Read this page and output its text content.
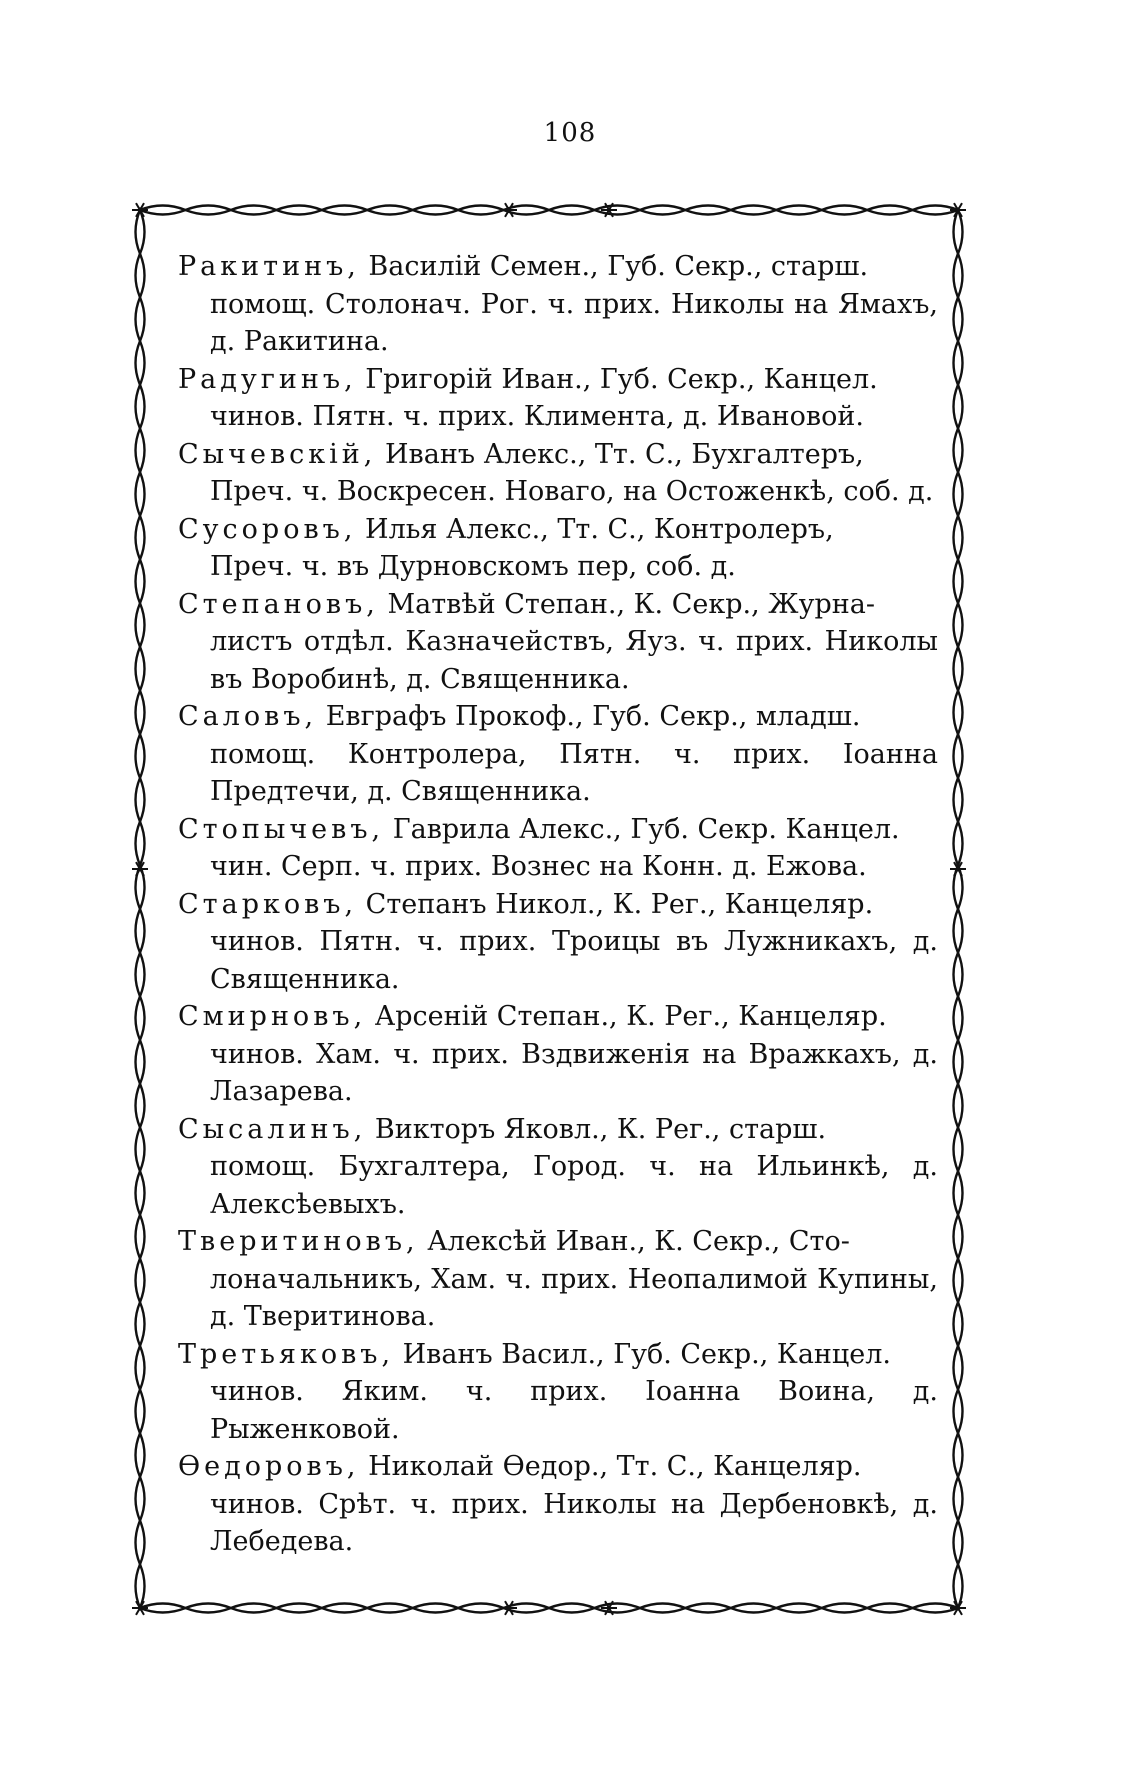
108
Ракитинъ, Василій Семен., Губ. Секр., старш.
помощ. Столонач. Рог. ч. прих. Николы на Ямахъ, д. Ракитина.
Радугинъ, Григорій Иван., Губ. Секр., Канцел.
чинов. Пятн. ч. прих. Климента, д. Ивановой.
Сычевскій, Иванъ Алекс., Тт. С., Бухгалтеръ,
Преч. ч. Воскресен. Новаго, на Остоженкѣ, соб. д.
Сусоровъ, Илья Алекс., Тт. С., Контролеръ,
Преч. ч. въ Дурновскомъ пер, соб. д.
Степановъ, Матвѣй Степан., К. Секр., Журна-
листъ отдѣл. Казначействъ, Яуз. ч. прих. Николы въ Воробинѣ, д. Священника.
Саловъ, Евграфъ Прокоф., Губ. Секр., младш.
помощ. Контролера, Пятн. ч. прих. Іоанна Предтечи, д. Священника.
Стопычевъ, Гаврила Алекс., Губ. Секр. Канцел.
чин. Серп. ч. прих. Вознес на Конн. д. Ежова.
Старковъ, Степанъ Никол., К. Рег., Канцеляр.
чинов. Пятн. ч. прих. Троицы въ Лужникахъ, д. Священника.
Смирновъ, Арсеній Степан., К. Рег., Канцеляр.
чинов. Хам. ч. прих. Вздвиженія на Вражкахъ, д. Лазарева.
Сысалинъ, Викторъ Яковл., К. Рег., старш.
помощ. Бухгалтера, Город. ч. на Ильинкѣ, д. Алексѣевыхъ.
Тверитиновъ, Алексѣй Иван., К. Секр., Сто-
лоначальникъ, Хам. ч. прих. Неопалимой Купины, д. Тверитинова.
Третьяковъ, Иванъ Васил., Губ. Секр., Канцел.
чинов. Яким. ч. прих. Іоанна Воина, д. Рыженковой.
Ѳедоровъ, Николай Ѳедор., Тт. С., Канцеляр.
чинов. Срѣт. ч. прих. Николы на Дербеновкѣ, д. Лебедева.
